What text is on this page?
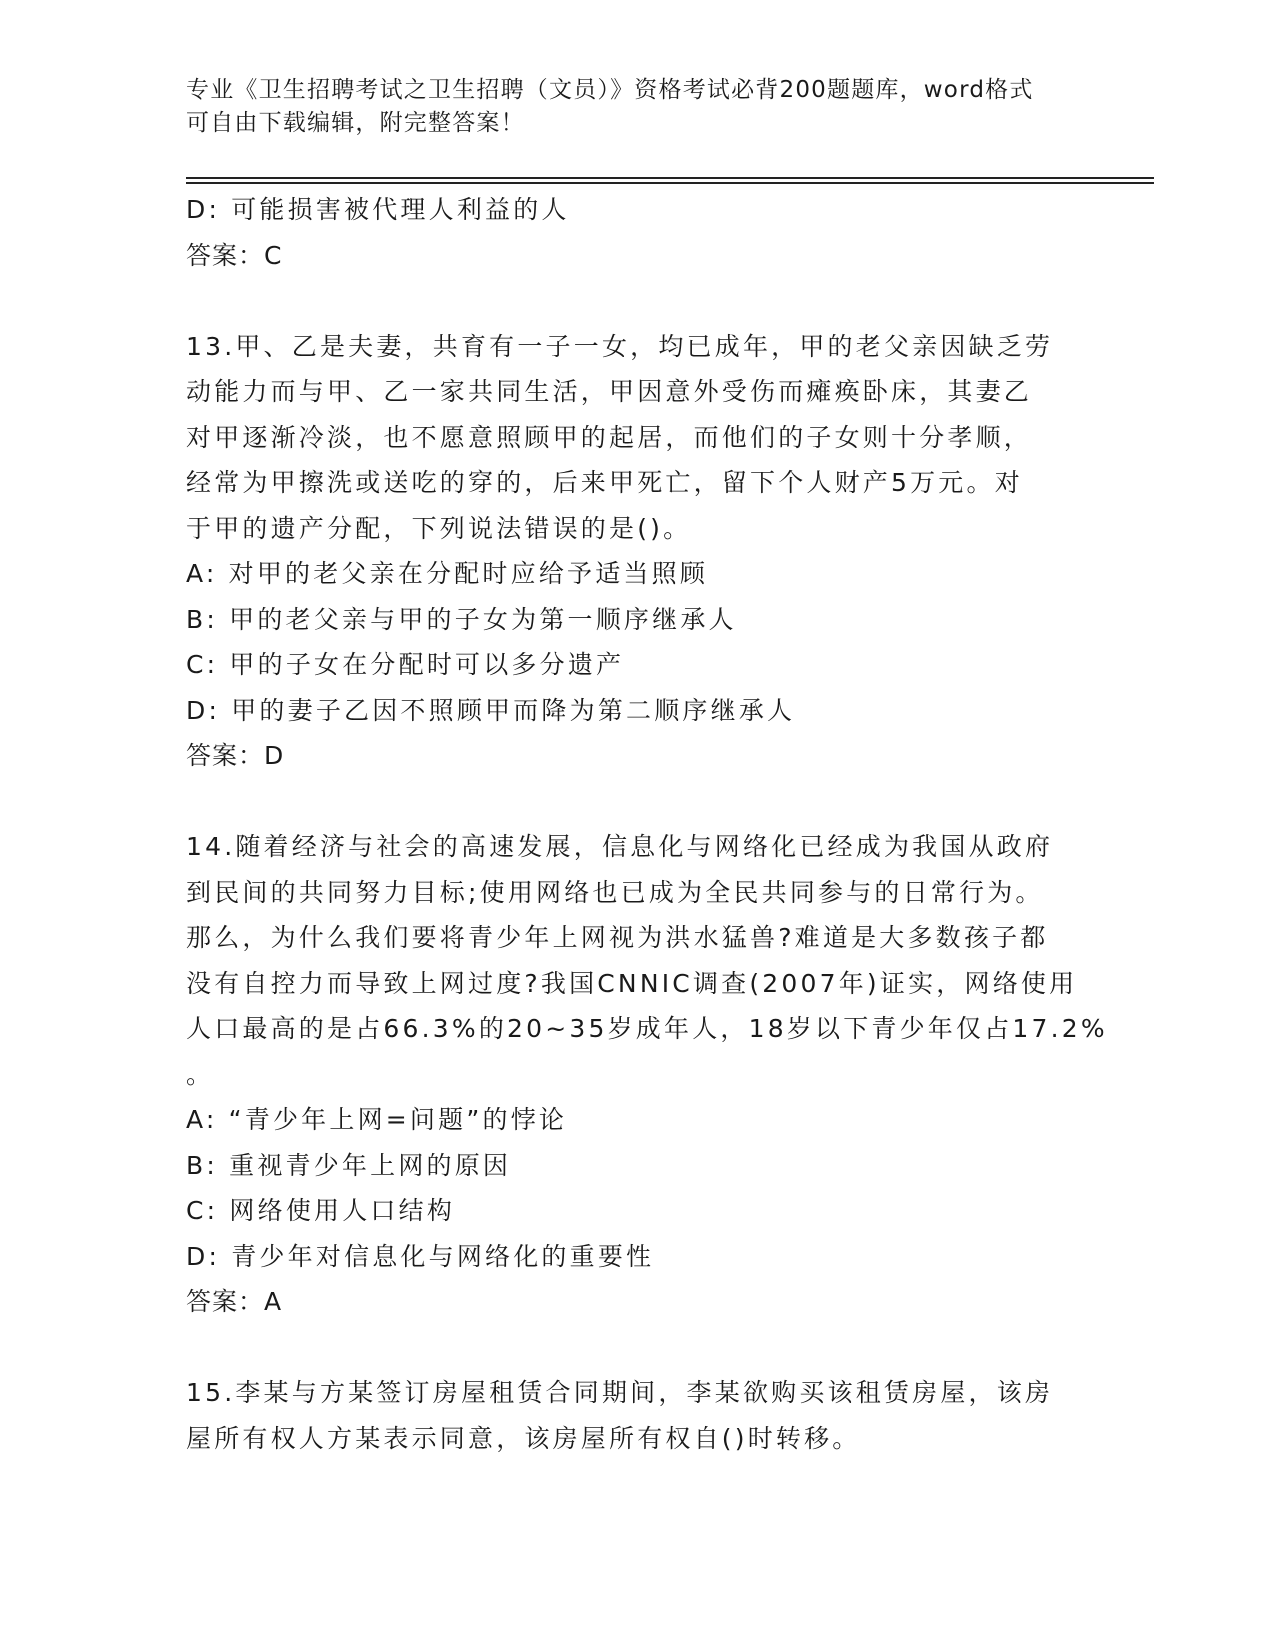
专业《卫生招聘考试之卫生招聘（文员）》资格考试必背200题题库，word格式
可自由下载编辑，附完整答案！
D: 可能损害被代理人利益的人
答案：C
13.甲、乙是夫妻，共育有一子一女，均已成年，甲的老父亲因缺乏劳
动能力而与甲、乙一家共同生活，甲因意外受伤而瘫痪卧床，其妻乙
对甲逐渐冷淡，也不愿意照顾甲的起居，而他们的子女则十分孝顺，
经常为甲擦洗或送吃的穿的，后来甲死亡，留下个人财产5万元。对
于甲的遗产分配，下列说法错误的是()。
A: 对甲的老父亲在分配时应给予适当照顾
B: 甲的老父亲与甲的子女为第一顺序继承人
C: 甲的子女在分配时可以多分遗产
D: 甲的妻子乙因不照顾甲而降为第二顺序继承人
答案：D
14.随着经济与社会的高速发展，信息化与网络化已经成为我国从政府
到民间的共同努力目标;使用网络也已成为全民共同参与的日常行为。
那么，为什么我们要将青少年上网视为洪水猛兽?难道是大多数孩子都
没有自控力而导致上网过度?我国CNNIC调查(2007年)证实，网络使用
人口最高的是占66.3%的20~35岁成年人，18岁以下青少年仅占17.2%
。
A: “青少年上网=问题”的悖论
B: 重视青少年上网的原因
C: 网络使用人口结构
D: 青少年对信息化与网络化的重要性
答案：A
15.李某与方某签订房屋租赁合同期间，李某欲购买该租赁房屋，该房
屋所有权人方某表示同意，该房屋所有权自()时转移。
